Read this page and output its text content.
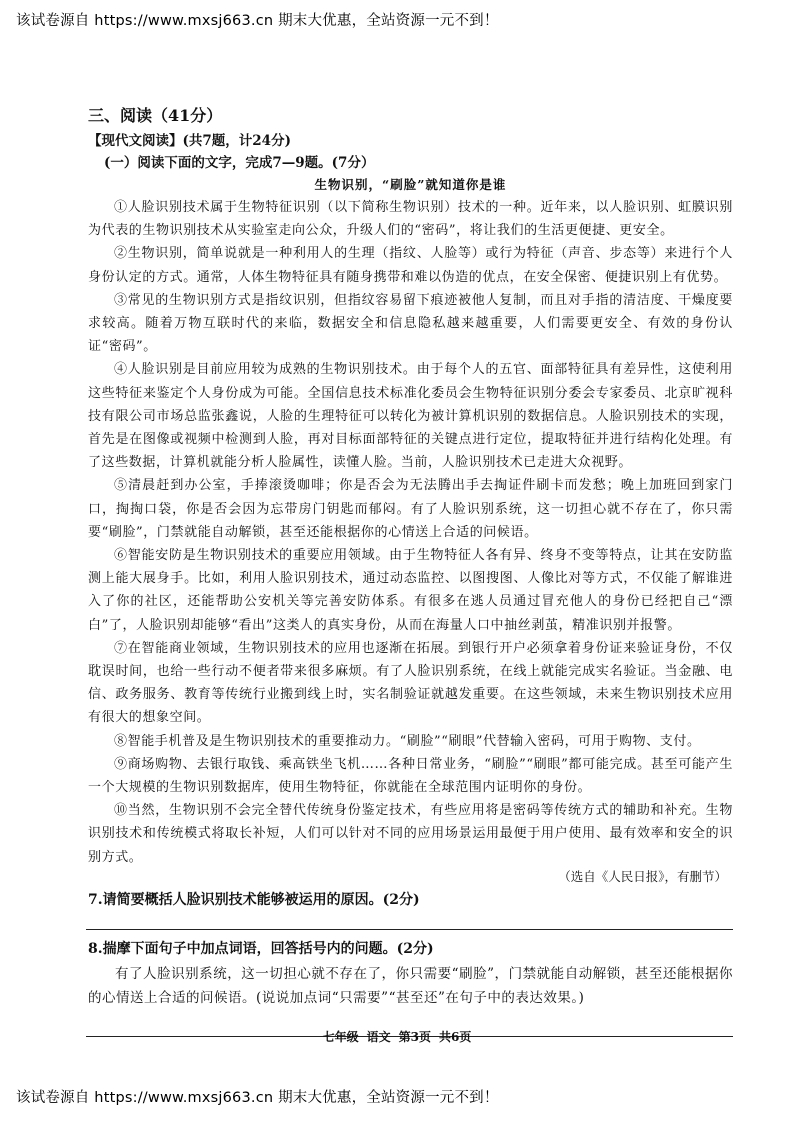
该试卷源自 https://www.mxsj663.cn 期末大优惠，全站资源一元不到！
三、阅读（41分）
【现代文阅读】(共7题，计24分)
(一）阅读下面的文字，完成7—9题。(7分）
生物识别，“刷脸”就知道你是谁

①人脸识别技术属于生物特征识别（以下简称生物识别）技术的一种。近年来，以人脸识别、虹膜识别为代表的生物识别技术从实验室走向公众，升级人们的“密码”，将让我们的生活更便捷、更安全。

②生物识别，简单说就是一种利用人的生理（指纹、人脸等）或行为特征（声音、步态等）来进行个人身份认定的方式。通常，人体生物特征具有随身携带和难以伪造的优点，在安全保密、便捷识别上有优势。

③常见的生物识别方式是指纹识别，但指纹容易留下痕迹被他人复制，而且对手指的清洁度、干燥度要求较高。随着万物互联时代的来临，数据安全和信息隐私越来越重要，人们需要更安全、有效的身份认证“密码”。

④人脸识别是目前应用较为成熟的生物识别技术。由于每个人的五官、面部特征具有差异性，这使利用这些特征来鉴定个人身份成为可能。全国信息技术标准化委员会生物特征识别分委会专家委员、北京旷视科技有限公司市场总监张鑫说，人脸的生理特征可以转化为被计算机识别的数据信息。人脸识别技术的实现，首先是在图像或视频中检测到人脸，再对目标面部特征的关键点进行定位，提取特征并进行结构化处理。有了这些数据，计算机就能分析人脸属性，读懂人脸。当前，人脸识别技术已走进大众视野。

⑤清晨赶到办公室，手捧滚烫咖啡；你是否会为无法腾出手去掏证件刷卡而发愁；晚上加班回到家门口，掏掏口袋，你是否会因为忘带房门钥匙而郁闷。有了人脸识别系统，这一切担心就不存在了，你只需要“刷脸”，门禁就能自动解锁，甚至还能根据你的心情送上合适的问候语。

⑥智能安防是生物识别技术的重要应用领域。由于生物特征人各有异、终身不变等特点，让其在安防监测上能大展身手。比如，利用人脸识别技术，通过动态监控、以图搜图、人像比对等方式，不仅能了解谁进入了你的社区，还能帮助公安机关等完善安防体系。有很多在逃人员通过冒充他人的身份已经把自己“漂白”了，人脸识别却能够“看出”这类人的真实身份，从而在海量人口中抽丝剥茧，精准识别并报警。

⑦在智能商业领域，生物识别技术的应用也逐渐在拓展。到银行开户必须拿着身份证来验证身份，不仅耽误时间，也给一些行动不便者带来很多麻烦。有了人脸识别系统，在线上就能完成实名验证。当金融、电信、政务服务、教育等传统行业搬到线上时，实名制验证就越发重要。在这些领域，未来生物识别技术应用有很大的想象空间。

⑧智能手机普及是生物识别技术的重要推动力。“刷脸”“刷眼”代替输入密码，可用于购物、支付。

⑨商场购物、去银行取钱、乘高铁坐飞机……各种日常业务，“刷脸”“刷眼”都可能完成。甚至可能产生一个大规模的生物识别数据库，使用生物特征，你就能在全球范围内证明你的身份。

⑩当然，生物识别不会完全替代传统身份鉴定技术，有些应用将是密码等传统方式的辅助和补充。生物识别技术和传统模式将取长补短，人们可以针对不同的应用场景运用最便于用户使用、最有效率和安全的识别方式。

（选自《人民日报》，有删节）
7.请简要概括人脸识别技术能够被运用的原因。(2分)
8.揣摩下面句子中加点词语，回答括号内的问题。(2分)

有了人脸识别系统，这一切担心就不存在了，你只需要“刷脸”，门禁就能自动解锁，甚至还能根据你的心情送上合适的问候语。(说说加点词“只需要”“甚至还”在句子中的表达效果。)

七年级 语文 第3页 共6页
该试卷源自 https://www.mxsj663.cn 期末大优惠，全站资源一元不到！
